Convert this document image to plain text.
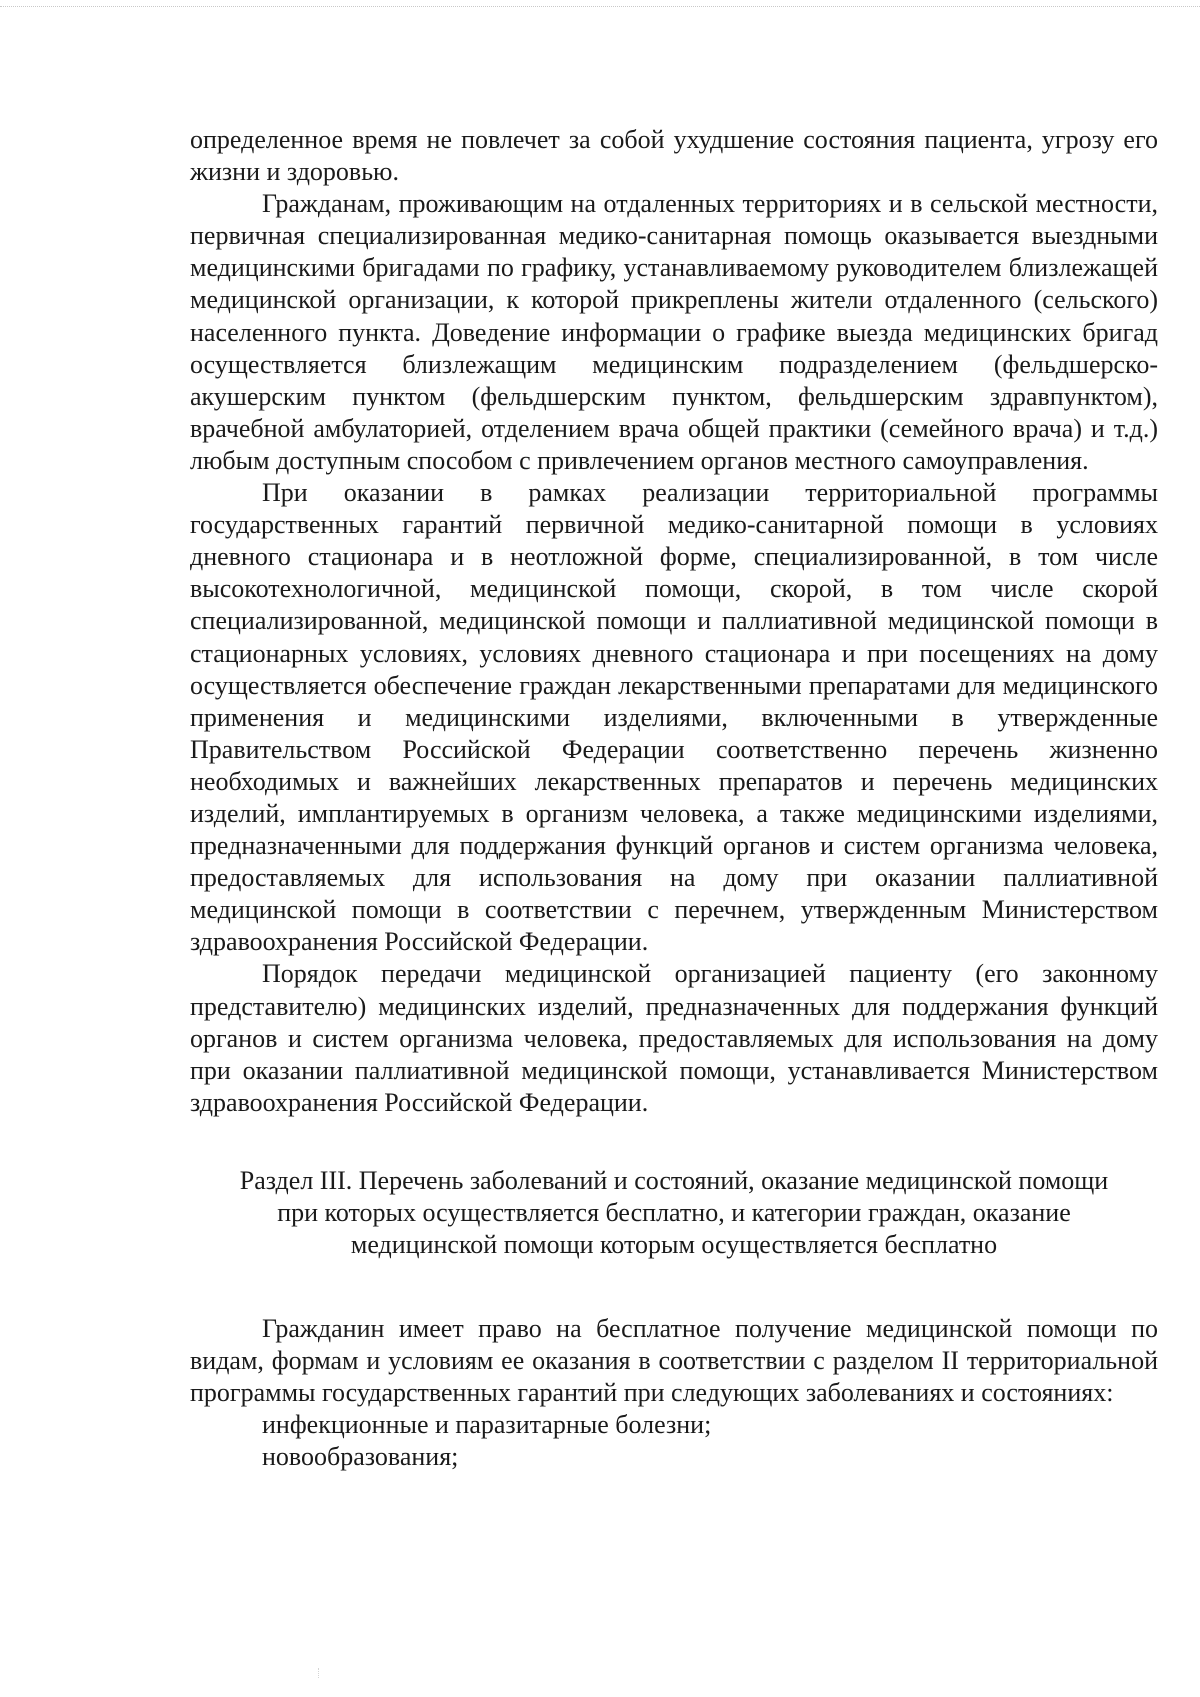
определенное время не повлечет за собой ухудшение состояния пациента, угрозу его жизни и здоровью.

Гражданам, проживающим на отдаленных территориях и в сельской местности, первичная специализированная медико-санитарная помощь оказывается выездными медицинскими бригадами по графику, устанавливаемому руководителем близлежащей медицинской организации, к которой прикреплены жители отдаленного (сельского) населенного пункта. Доведение информации о графике выезда медицинских бригад осуществляется близлежащим медицинским подразделением (фельдшерско-акушерским пунктом (фельдшерским пунктом, фельдшерским здравпунктом), врачебной амбулаторией, отделением врача общей практики (семейного врача) и т.д.) любым доступным способом с привлечением органов местного самоуправления.

При оказании в рамках реализации территориальной программы государственных гарантий первичной медико-санитарной помощи в условиях дневного стационара и в неотложной форме, специализированной, в том числе высокотехнологичной, медицинской помощи, скорой, в том числе скорой специализированной, медицинской помощи и паллиативной медицинской помощи в стационарных условиях, условиях дневного стационара и при посещениях на дому осуществляется обеспечение граждан лекарственными препаратами для медицинского применения и медицинскими изделиями, включенными в утвержденные Правительством Российской Федерации соответственно перечень жизненно необходимых и важнейших лекарственных препаратов и перечень медицинских изделий, имплантируемых в организм человека, а также медицинскими изделиями, предназначенными для поддержания функций органов и систем организма человека, предоставляемых для использования на дому при оказании паллиативной медицинской помощи в соответствии с перечнем, утвержденным Министерством здравоохранения Российской Федерации.

Порядок передачи медицинской организацией пациенту (его законному представителю) медицинских изделий, предназначенных для поддержания функций органов и систем организма человека, предоставляемых для использования на дому при оказании паллиативной медицинской помощи, устанавливается Министерством здравоохранения Российской Федерации.

Раздел III. Перечень заболеваний и состояний, оказание медицинской помощи
при которых осуществляется бесплатно, и категории граждан, оказание
медицинской помощи которым осуществляется бесплатно

Гражданин имеет право на бесплатное получение медицинской помощи по видам, формам и условиям ее оказания в соответствии с разделом II территориальной программы государственных гарантий при следующих заболеваниях и состояниях:

инфекционные и паразитарные болезни;
новообразования;
